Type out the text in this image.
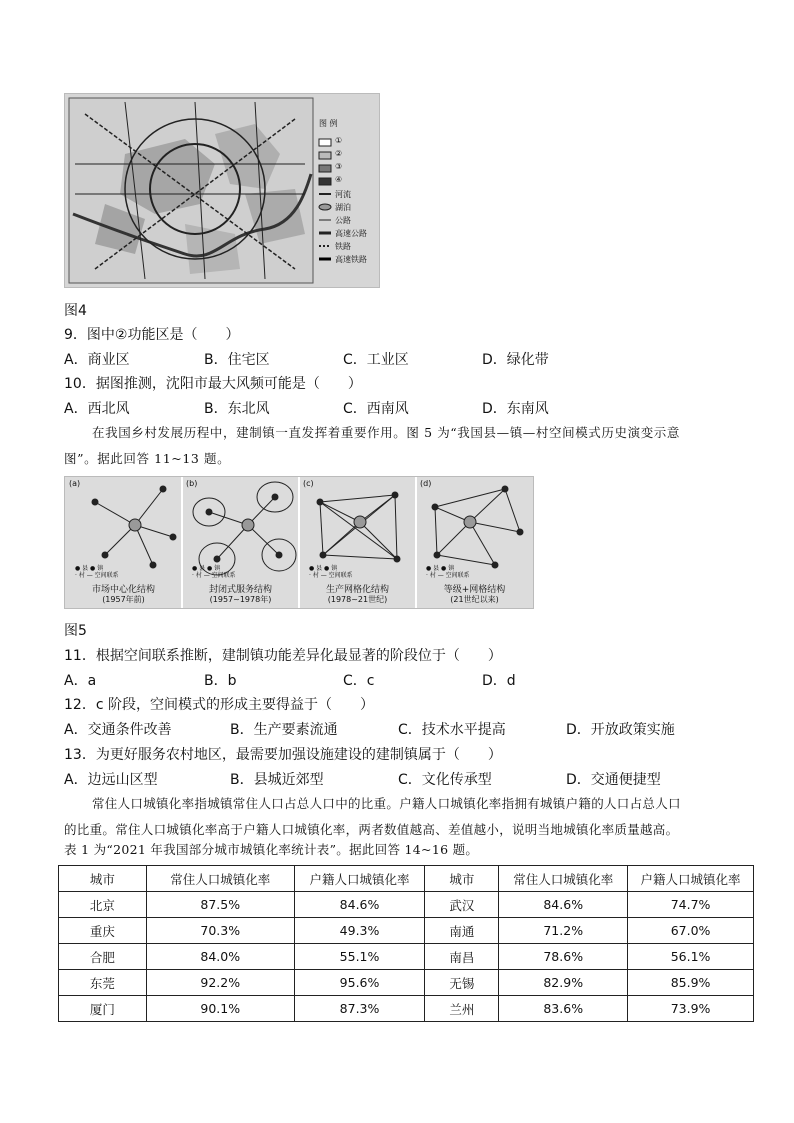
图 例
①
②
③
④
河流
湖泊
公路
高速公路
铁路
高速铁路
图4
9．图中②功能区是（　　）
A．商业区	B．住宅区	C．工业区	D．绿化带
10．据图推测，沈阳市最大风频可能是（　　）
A．西北风	B．东北风	C．西南风	D．东南风
在我国乡村发展历程中，建制镇一直发挥着重要作用。图 5 为“我国县—镇—村空间模式历史演变示意
图”。据此回答 11~13 题。
(a)	(b)	(c)	(d)
● 县 ● 镇
· 村 — 空间联系
● 县 ● 镇
· 村 — 空间联系
● 县 ● 镇
· 村 — 空间联系
● 县 ● 镇
· 村 — 空间联系
市场中心化结构
(1957年前)
封闭式服务结构
(1957~1978年)
生产网格化结构
(1978~21世纪)
等级+网格结构
(21世纪以来)
图5
11．根据空间联系推断，建制镇功能差异化最显著的阶段位于（　　）
A．a	B．b	C．c	D．d
12．c 阶段，空间模式的形成主要得益于（　　）
A．交通条件改善	B．生产要素流通	C．技术水平提高	D．开放政策实施
13．为更好服务农村地区，最需要加强设施建设的建制镇属于（　　）
A．边远山区型	B．县城近郊型	C．文化传承型	D．交通便捷型
常住人口城镇化率指城镇常住人口占总人口中的比重。户籍人口城镇化率指拥有城镇户籍的人口占总人口
的比重。常住人口城镇化率高于户籍人口城镇化率，两者数值越高、差值越小，说明当地城镇化率质量越高。
表 1 为“2021 年我国部分城市城镇化率统计表”。据此回答 14~16 题。
城市	常住人口城镇化率	户籍人口城镇化率	城市	常住人口城镇化率	户籍人口城镇化率
北京	87.5%	84.6%	武汉	84.6%	74.7%
重庆	70.3%	49.3%	南通	71.2%	67.0%
合肥	84.0%	55.1%	南昌	78.6%	56.1%
东莞	92.2%	95.6%	无锡	82.9%	85.9%
厦门	90.1%	87.3%	兰州	83.6%	73.9%
